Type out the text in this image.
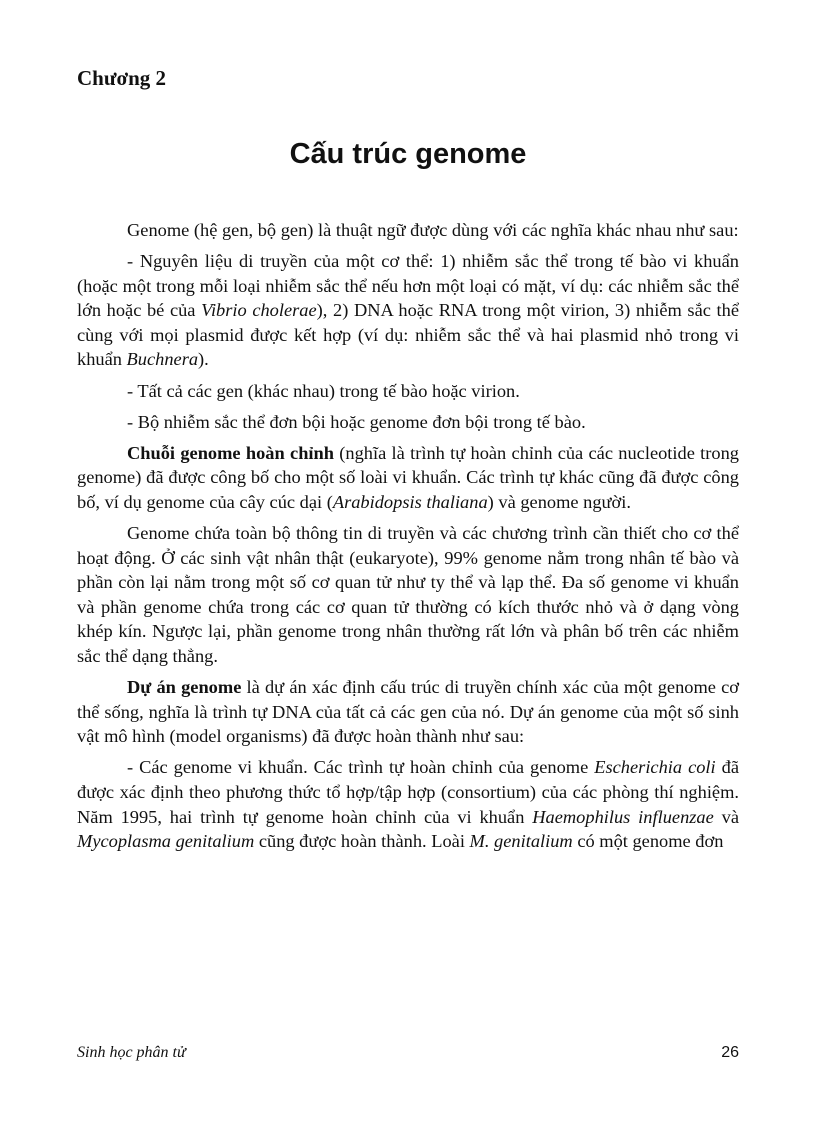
Chương 2
Cấu trúc genome

Genome (hệ gen, bộ gen) là thuật ngữ được dùng với các nghĩa khác nhau như sau:

- Nguyên liệu di truyền của một cơ thể: 1) nhiễm sắc thể trong tế bào vi khuẩn (hoặc một trong mỗi loại nhiễm sắc thể nếu hơn một loại có mặt, ví dụ: các nhiễm sắc thể lớn hoặc bé của Vibrio cholerae), 2) DNA hoặc RNA trong một virion, 3) nhiễm sắc thể cùng với mọi plasmid được kết hợp (ví dụ: nhiễm sắc thể và hai plasmid nhỏ trong vi khuẩn Buchnera).

- Tất cả các gen (khác nhau) trong tế bào hoặc virion.

- Bộ nhiễm sắc thể đơn bội hoặc genome đơn bội trong tế bào.

Chuỗi genome hoàn chỉnh (nghĩa là trình tự hoàn chỉnh của các nucleotide trong genome) đã được công bố cho một số loài vi khuẩn. Các trình tự khác cũng đã được công bố, ví dụ genome của cây cúc dại (Arabidopsis thaliana) và genome người.

Genome chứa toàn bộ thông tin di truyền và các chương trình cần thiết cho cơ thể hoạt động. Ở các sinh vật nhân thật (eukaryote), 99% genome nằm trong nhân tế bào và phần còn lại nằm trong một số cơ quan tử như ty thể và lạp thể. Đa số genome vi khuẩn và phần genome chứa trong các cơ quan tử thường có kích thước nhỏ và ở dạng vòng khép kín. Ngược lại, phần genome trong nhân thường rất lớn và phân bố trên các nhiễm sắc thể dạng thẳng.

Dự án genome là dự án xác định cấu trúc di truyền chính xác của một genome cơ thể sống, nghĩa là trình tự DNA của tất cả các gen của nó. Dự án genome của một số sinh vật mô hình (model organisms) đã được hoàn thành như sau:

- Các genome vi khuẩn. Các trình tự hoàn chỉnh của genome Escherichia coli đã được xác định theo phương thức tổ hợp/tập hợp (consortium) của các phòng thí nghiệm. Năm 1995, hai trình tự genome hoàn chỉnh của vi khuẩn Haemophilus influenzae và Mycoplasma genitalium cũng được hoàn thành. Loài M. genitalium có một genome đơn

Sinh học phân tử	26
